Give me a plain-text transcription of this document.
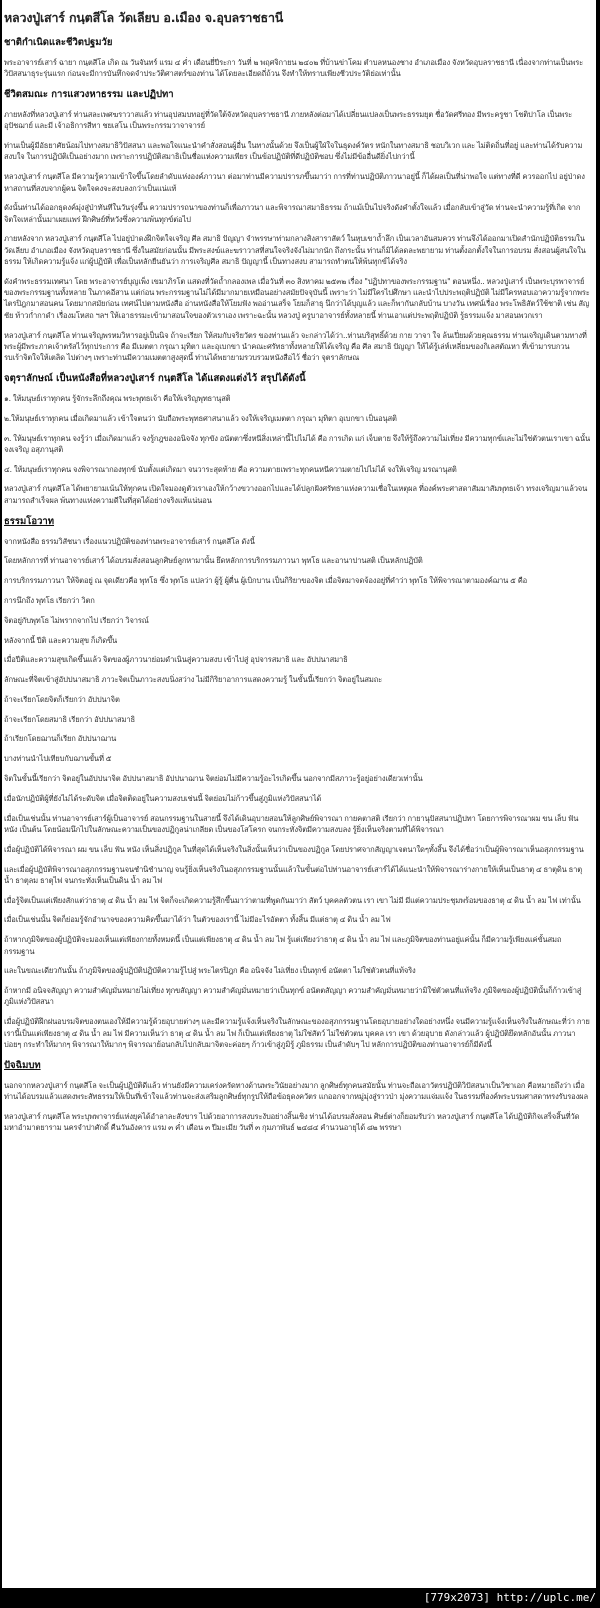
หลวงปู่เสาร์ กนฺตสีโล วัดเลียบ อ.เมือง จ.อุบลราชธานี
ชาติกำเนิดและชีวิตปฐมวัย

พระอาจารย์เสาร์ ฉายา กนฺตสีโล เกิด ณ วันจันทร์ แรม ๔ ค่ำ เดือนยี่ปีระกา วันที่ ๒ พฤศจิกายน ๒๔๐๒ ที่บ้านข่าโคม ตำบลหนองชาง อำเภอเมือง จังหวัดอุบลราชธานี เนื่องจากท่านเป็นพระวิปัสสนาธุระรุ่นแรก ก่อนจะมีการบันทึกจดจำประวัติศาสตร์ของท่าน ได้โดยละเอียดถี่ถ้วน จึงทำให้ทราบเพียงชีวประวัติย่อเท่านั้น

ชีวิตสมณะ การแสวงหาธรรม และปฏิปทา

ภายหลังที่หลวงปู่เสาร์ ท่านสละเพศฆราวาสแล้ว ท่านอุปสมบทอยู่ที่วัดใต้จังหวัดอุบลราชธานี ภายหลังต่อมาได้เปลี่ยนแปลงเป็นพระธรรมยุต ชื่อวัดศรีทอง มีพระครูชา โชติปาโล เป็นพระอุปัชฌาย์ และมี เจ้าอธิการสีทา ชยเสโน เป็นพระกรรมวาจาจารย์

ท่านเป็นผู้มีอัธยาศัยน้อมไปทางสมาธิวิปัสสนา และพอใจแนะนำคำสั่งสอนผู้อื่น ในทางนั้นด้วย จึงเป็นผู้ใฝ่ใจในธุดงค์วัตร หนักในทางสมาธิ ชอบวิเวก และ ไม่ติดถิ่นที่อยู่ และท่านได้รับความสงบใจ ในการปฏิบัติเป็นอย่างมาก เพราะการปฏิบัติสมาธิเป็นชื่อแห่งความเพียร เป็นข้อปฏิบัติที่ดีปฏิบัติชอบ ซึ่งไม่มีข้ออื่นดียิ่งไปกว่านี้

หลวงปู่เสาร์ กนฺตสีโล มีความรู้ความเข้าใจขึ้นโดยลำดับแห่งองค์ภาวนา ต่อมาท่านมีความปรารภขึ้นมาว่า การที่ท่านปฏิบัติภาวนาอยู่นี้ ก็ได้ผลเป็นที่น่าพอใจ แต่ทางที่ดี ควรออกไป อยู่ป่าดง หาสถานที่สงบจากผู้คน จิตใจคงจะสงบลงกว่าเป็นแน่แท้

ดังนั้นท่านได้ออกธุดงค์มุ่งสู่ป่าทันทีในวันรุ่งขึ้น ความปรารถนาของท่านก็เพื่อภาวนา และพิจารณาสมาธิธรรม ถ้าแม้เป็นไปจริงดังคำตั้งใจแล้ว เมื่อกลับเข้าสู่วัด ท่านจะนำความรู้ที่เกิด จากจิตใจเหล่านั้นมาเผยแพร่ ฝึกศิษย์ที่หวังซึ่งความพ้นทุกข์ต่อไป

ภายหลังจาก หลวงปู่เสาร์ กนฺตสีโล ไปอยู่ป่าดงฝึกจิตใจเจริญ ศีล สมาธิ ปัญญา จำพรรษาท่ามกลางสิงสาราสัตว์ ในหุบเขาถ้ำลึก เป็นเวลาอันสมควร ท่านจึงได้ออกมาเปิดสำนักปฏิบัติธรรมใน วัดเลียบ อำเภอเมือง จังหวัดอุบลราชธานี ซึ่งในสมัยก่อนนั้น มีพระสงฆ์และฆราวาสที่สนใจจริงจังไม่มากนัก ถึงกระนั้น ท่านก็มิได้ลดละพยายาม ท่านตั้งอกตั้งใจในการอบรม สั่งสอนผู้สนใจในธรรม ให้เกิดความรู้แจ้ง แก่ผู้ปฏิบัติ เพื่อเป็นหลักยืนยันว่า การเจริญศีล สมาธิ ปัญญานี้ เป็นทางสงบ สามารถทำตนให้พ้นทุกข์ได้จริง

ดังคำพระธรรมเทศนา โดย พระอาจารย์บุญเพ็ง เขมาภิรโต แสดงที่วัดถ้ำกลองเพล เมื่อวันที่ ๓๐ สิงหาคม ๒๕๓๒ เรื่อง "ปฏิปทาของพระกรรมฐาน" ตอนหนึ่ง.. หลวงปู่เสาร์ เป็นพระบุรพาจารย์ ของพระกรรมฐานทั้งหลาย ในภาคอีสาน แต่ก่อน พระกรรมฐานไม่ได้มีมากมายเหมือนอย่างสมัยปัจจุบันนี้ เพราะว่า ไม่มีใครไปศึกษา และนำไปประพฤติปฏิบัติ ไม่มีใครหอบเอาความรู้จากพระไตรปิฎกมาสอนคน โดยมากสมัยก่อน เทศน์ไปตามหนังสือ อ่านหนังสือให้โยมฟัง พออ่านเสร็จ โยมก็สาธุ นึกว่าได้บุญแล้ว และก็พากันกลับบ้าน บางวัน เทศน์เรื่อง พระโพธิสัตว์ใช้ชาติ เช่น สัญชัย ท้าวก่ำกาดำ เรื่องมโหสถ ฯลฯ ให้เอาธรรมะเข้ามาสอนใจของตัวเราเอง เพราะฉะนั้น หลวงปู่ ครูบาอาจารย์ทั้งหลายนี้ ท่านเอาแต่ประพฤติปฏิบัติ รู้ธรรมแจ้ง มาสอนพวกเรา

หลวงปู่เสาร์ กนฺตสีโล ท่านเจริญพรหมวิหารอยู่เป็นนิจ ถ้าจะเรียก ให้สมกับจริยวัตร ของท่านแล้ว จะกล่าวได้ว่า..ท่านบริสุทธิ์ด้วย กาย วาจา ใจ ล้นเปี่ยมด้วยคุณธรรม ท่านเจริญเดินตามทางที่ พระผู้มีพระภาคเจ้าตรัสไว้ทุกประการ คือ มีเมตตา กรุณา มุทิตา และอุเบกขา นำคณะศรัทธาทั้งหลายให้ได้เจริญ คือ ศีล สมาธิ ปัญญา ให้ได้รู้เล่ห์เหลี่ยมของกิเลสตัณหา ที่เข้ามารบกวน รบเร้าจิตใจให้เตลิด ไปต่างๆ เพราะท่านมีความเมตตาสูงสุดนี้ ท่านได้พยายามรวบรวมหนังสือไว้ ชื่อว่า จุตราลักษณ

จตุราลักษณ์ เป็นหนังสือที่หลวงปู่เสาร์ กนฺตสีโล ได้แสดงแต่งไว้ สรุปได้ดังนี้

๑. ให้มนุษย์เราทุกคน รู้จักระลึกถึงคุณ พระพุทธเจ้า คือให้เจริญพุทธานุสติ

๒.ให้มนุษย์เราทุกคน เมื่อเกิดมาแล้ว เข้าใจตนว่า นับถือพระพุทธศาสนาแล้ว จงให้เจริญเมตตา กรุณา มุทิตา อุเบกขา เป็นอนุสติ

๓. ให้มนุษย์เราทุกคน จงรู้ว่า เมื่อเกิดมาแล้ว จงรู้กฎของอนิจจัง ทุกขัง อนัตตาซึ่งหนีสิ่งเหล่านี้ไปไม่ได้ คือ การเกิด แก่ เจ็บตาย จึงให้รู้ถึงความไม่เที่ยง มีความทุกข์และไม่ใช่ตัวตนเราเขา ฉนั้น จงเจริญ อสุภานุสติ

๔. ให้มนุษย์เราทุกคน จงพิจารณากองทุกข์ นับตั้งแต่เกิดมา จนวาระสุดท้าย คือ ความตายเพราะทุกคนหนีความตายไปไม่ได้ จงให้เจริญ มรณานุสติ

หลวงปู่เสาร์ กนฺตสีโล ได้พยายามเน้นให้ทุกคน เปิดใจมองดูตัวเราเองให้กว้างขวางออกไปและได้ปลูกฝังศรัทธาแห่งความเชื่อในเหตุผล ที่องค์พระศาสดาสัมมาสัมพุทธเจ้า ทรงเจริญมาแล้วจนสามารถสำเร็จผล พ้นทางแห่งความดีในที่สุดได้อย่างจริงแท้แน่นอน

ธรรมโอวาท

จากหนังสือ ธรรมวิสัชนา เรื่องแนวปฏิบัติของท่านพระอาจารย์เสาร์ กนฺตสีโล ดังนี้

โดยหลักการที่ ท่านอาจารย์เสาร์ ได้อบรมสั่งสอนลูกศิษย์ลูกหามานั้น ยึดหลักการบริกรรมภาวนา พุทโธ และอานาปานสติ เป็นหลักปฏิบัติ

การบริกรรมภาวนา ให้จิตอยู่ ณ จุดเดียวคือ พุทโธ ซึ่ง พุทโธ แปลว่า ผู้รู้ ผู้ตื่น ผู้เบิกบาน เป็นกิริยาของจิต เมื่อจิตมาจดจ้องอยู่ที่คำว่า พุทโธ ให้พิจารณาตามองค์ฌาน ๕ คือ

การนึกถึง พุทโธ เรียกว่า วิตก

จิตอยู่กับพุทโธ ไม่พรากจากไป เรียกว่า วิจารณ์

หลังจากนี้ ปีติ และความสุข ก็เกิดขึ้น

เมื่อปีติและความสุขเกิดขึ้นแล้ว จิตของผู้ภาวนาย่อมดำเนินสู่ความสงบ เข้าไปสู่ อุปจารสมาธิ และ อัปปนาสมาธิ

ลักษณะที่จิตเข้าสู่อัปปนาสมาธิ ภาวะจิตเป็นภาวะสงบนิ่งสว่าง ไม่มีกิริยาอาการแสดงความรู้ ในขั้นนี้เรียกว่า จิตอยู่ในสมถะ

ถ้าจะเรียกโดยจิตก็เรียกว่า อัปปนาจิต

ถ้าจะเรียกโดยสมาธิ เรียกว่า อัปปนาสมาธิ

ถ้าเรียกโดยฌานก็เรียก อัปปนาฌาน

บางท่านนำไปเทียบกับฌานขั้นที่ ๕

จิตในขั้นนี้เรียกว่า จิตอยู่ในอัปปนาจิต อัปปนาสมาธิ อัปปนาฌาน จิตย่อมไม่มีความรู้อะไรเกิดขึ้น นอกจากมีสภาวะรู้อยู่อย่างเดียวเท่านั้น

เมื่อนักปฏิบัติผู้ที่ยังไม่ได้ระดับจิต เมื่อจิตติดอยู่ในความสงบเช่นนี้ จิตย่อมไม่ก้าวขึ้นสู่ภูมิแห่งวิปัสสนาได้

เมื่อเป็นเช่นนั้น ท่านอาจารย์เสาร์ผู้เป็นอาจารย์ สอนกรรมฐานในสายนี้ จึงได้เดินอุบายสอนให้ลูกศิษย์พิจารณา กายคตาสติ เรียกว่า กายานุปัสสนาปฏิปทา โดยการพิจารณาผม ขน เล็บ ฟัน หนัง เป็นต้น โดยน้อมนึกไปในลักษณะความเป็นของปฏิกูลน่าเกลียด เป็นของโสโครก จนกระทั่งจิตมีความสงบลง รู้ยิ่งเห็นจริงตามที่ได้พิจารณา

เมื่อผู้ปฏิบัติได้พิจารณา ผม ขน เล็บ ฟัน หนัง เห็นสิ่งปฏิกูล ในที่สุดได้เห็นจริงในสิ่งนั้นเห็นว่าเป็นของปฏิกูล โดยปราศจากสัญญาเจตนาใดๆทั้งสิ้น จึงได้ชื่อว่าเป็นผู้พิจารณาเห็นอสุภกรรมฐาน

และเมื่อผู้ปฏิบัติพิจารณาอสุภกรรมฐานจนชำนิชำนาญ จนรู้ยิ่งเห็นจริงในอสุภกรรมฐานนั้นแล้วในขั้นต่อไปท่านอาจารย์เสาร์ได้ได้แนะนำให้พิจารณาร่างกายให้เห็นเป็นธาตุ ๔ ธาตุดิน ธาตุน้ำ ธาตุลม ธาตุไฟ จนกระทั่งเห็นเป็นดิน น้ำ ลม ไฟ

เมื่อรู้จิตเป็นแต่เพียงสักแต่ว่าธาตุ ๔ ดิน น้ำ ลม ไฟ จิตก็จะเกิดความรู้สึกขึ้นมาว่าตามที่พูดกันมาว่า สัตว์ บุคคลตัวตน เรา เขา ไม่มี มีแต่ความประชุมพร้อมของธาตุ ๔ ดิน น้ำ ลม ไฟ เท่านั้น

เมื่อเป็นเช่นนั้น จิตก็ย่อมรู้จักอำนาจของความคิดขึ้นมาได้ว่า ในตัวของเรานี้ ไม่มีอะไรอัตตา ทั้งสิ้น มีแต่ธาตุ ๔ ดิน น้ำ ลม ไฟ

ถ้าหากภูมิจิตของผู้ปฏิบัติจะมองเห็นแต่เพียงกายทั้งหมดนี้ เป็นแต่เพียงธาตุ ๔ ดิน น้ำ ลม ไฟ รู้แต่เพียงว่าธาตุ ๔ ดิน น้ำ ลม ไฟ และภูมิจิตของท่านอยู่แค่นั้น ก็มีความรู้เพียงแค่ขั้นสมถกรรมฐาน

และในขณะเดียวกันนั้น ถ้าภูมิจิตของผู้ปฏิบัติปฏิบัติความรู้ไปสู่ พระไตรปิฎก คือ อนิจจัง ไม่เที่ยง เป็นทุกข์ อนัตตา ไม่ใช่ตัวตนที่แท้จริง

ถ้าหากมี อนิจจสัญญา ความสำคัญมั่นหมายไม่เที่ยง ทุกขสัญญา ความสำคัญมั่นหมายว่าเป็นทุกข์ อนัตตสัญญา ความสำคัญมั่นหมายว่ามิใช่ตัวตนที่แท้จริง ภูมิจิตของผู้ปฏิบัตินั้นก็ก้าวเข้าสู่ ภูมิแห่งวิปัสสนา

เมื่อผู้ปฏิบัติฝึกฝนอบรมจิตของตนเองให้มีความรู้ด้วยอุบายต่างๆ และมีความรู้แจ้งเห็นจริงในลักษณะของอสุภกรรมฐานโดยอุบายอย่างใดอย่างหนึ่ง จนมีความรู้แจ้งเห็นจริงในลักษณะที่ว่า กายเรานี้เป็นแต่เพียงธาตุ ๔ ดิน น้ำ ลม ไฟ มีความเห็นว่า ธาตุ ๔ ดิน น้ำ ลม ไฟ ก็เป็นแต่เพียงธาตุ ไม่ใช่สัตว์ ไม่ใช่ตัวตน บุคคล เรา เขา ด้วยอุบาย ดังกล่าวแล้ว ผู้ปฏิบัติยึดหลักอันนั้น ภาวนาบ่อยๆ กระทำให้มากๆ พิจารณาให้มากๆ พิจารณาย้อนกลับไปกลับมาจิตจะค่อยๆ ก้าวเข้าสู่ภูมิรู้ ภูมิธรรม เป็นลำดับๆ ไป หลักการปฏิบัติของท่านอาจารย์ก็มีดังนี้

ปัจฉิมบท

นอกจากหลวงปู่เสาร์ กนฺตสีโล จะเป็นผู้ปฏิบัติดีแล้ว ท่านยังมีความเคร่งครัดทางด้านพระวินัยอย่างมาก ลูกศิษย์ทุกคนสมัยนั้น ท่านจะถือเอาวัตรปฏิบัติวิปัสสนาเป็นวิชาเอก คือหมายถึงว่า เมื่อท่านได้อบรมแล้วแสดงพระสัทธรรมให้เป็นที่เข้าใจแล้วท่านจะส่งเสริมลูกศิษย์ทุกรูปให้ถือข้อธุดงควัตร แกออกจากหมู่มุ่งสู่ราวป่า มุ่งความแจ่มแจ้ง ในธรรมที่องค์พระบรมศาสดาทรงรับรองผล

หลวงปู่เสาร์ กนฺตสีโล พระบุพพาจารย์แห่งยุคได้อำลาละสังขาร ไปด้วยอาการสงบระงับอย่างสิ้นเชิง ท่านได้อบรมสั่งสอน ศิษย์ต่างก็ยอมรับว่า หลวงปู่เสาร์ กนฺตสีโล ได้ปฏิบัติกิจเสร็จสิ้นที่วัดมหาอำมาตยาราม นครจำปาศักดิ์ คืนวันอังคาร แรม ๓ ค่ำ เดือน ๓ ปีมะเมีย วันที่ ๓ กุมภาพันธ์ ๒๔๘๔ คำนวนอายุได้ ๘๒ พรรษา

[779x2073] http://uplc.me/
